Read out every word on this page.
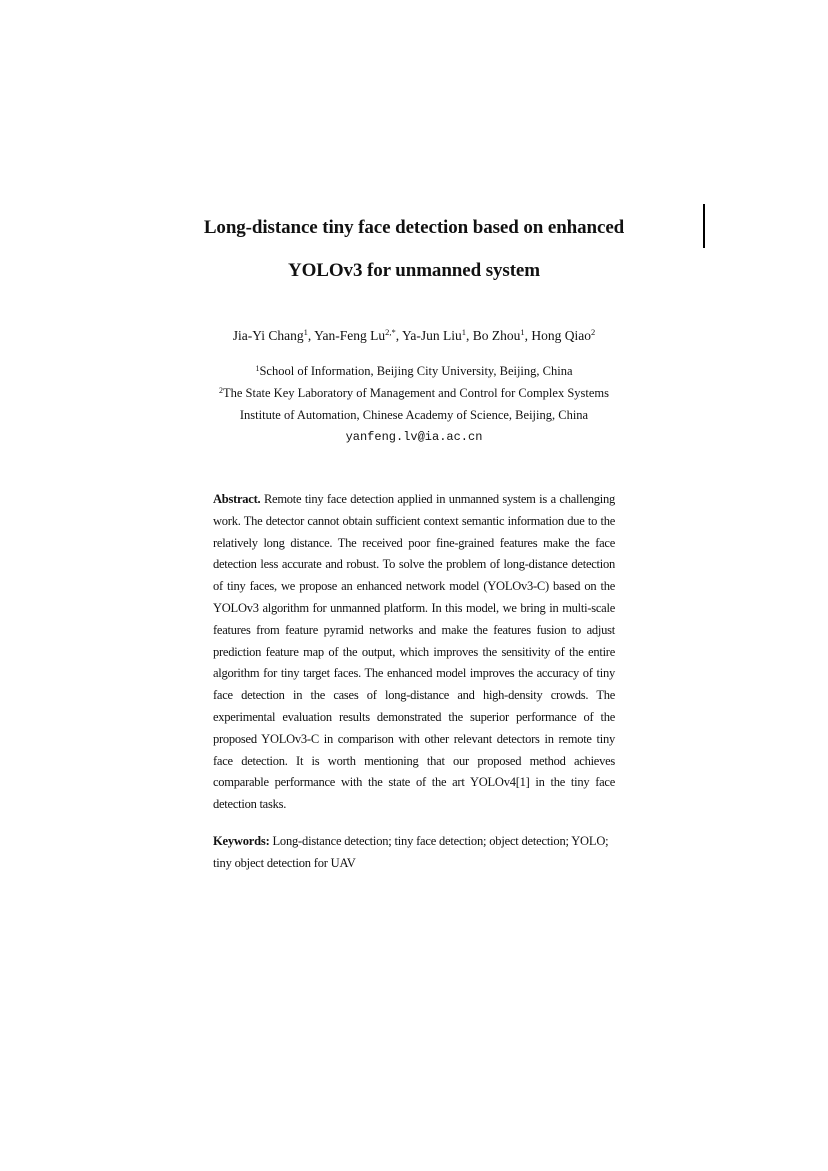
Long-distance tiny face detection based on enhanced
YOLOv3 for unmanned system
Jia-Yi Chang$^1$, Yan-Feng $Lu^{2,*}$, Ya-Jun Liu$^1$, Bo Zhou$^1$, Hong Qiao$^2$
$^1$School of Information, Beijing City University, Beijing, China
$^2$The State Key Laboratory of Management and Control for Complex Systems
Institute of Automation, Chinese Academy of Science, Beijing, China
yanfeng.lv@ia.ac.cn
Abstract. Remote tiny face detection applied in unmanned system is a challenging work. The detector cannot obtain sufficient context semantic information due to the relatively long distance. The received poor fine-grained features make the face detection less accurate and robust. To solve the problem of long-distance detection of tiny faces, we propose an enhanced network model (YOLOv3-C) based on the YOLOv3 algorithm for unmanned platform. In this model, we bring in multi-scale features from feature pyramid networks and make the features fusion to adjust prediction feature map of the output, which improves the sensitivity of the entire algorithm for tiny target faces. The enhanced model improves the accuracy of tiny face detection in the cases of long-distance and high-density crowds. The experimental evaluation results demonstrated the superior performance of the proposed YOLOv3-C in comparison with other relevant detectors in remote tiny face detection. It is worth mentioning that our proposed method achieves comparable performance with the state of the art YOLOv4[1] in the tiny face detection tasks.
Keywords: Long-distance detection; tiny face detection; object detection; YOLO; tiny object detection for UAV
